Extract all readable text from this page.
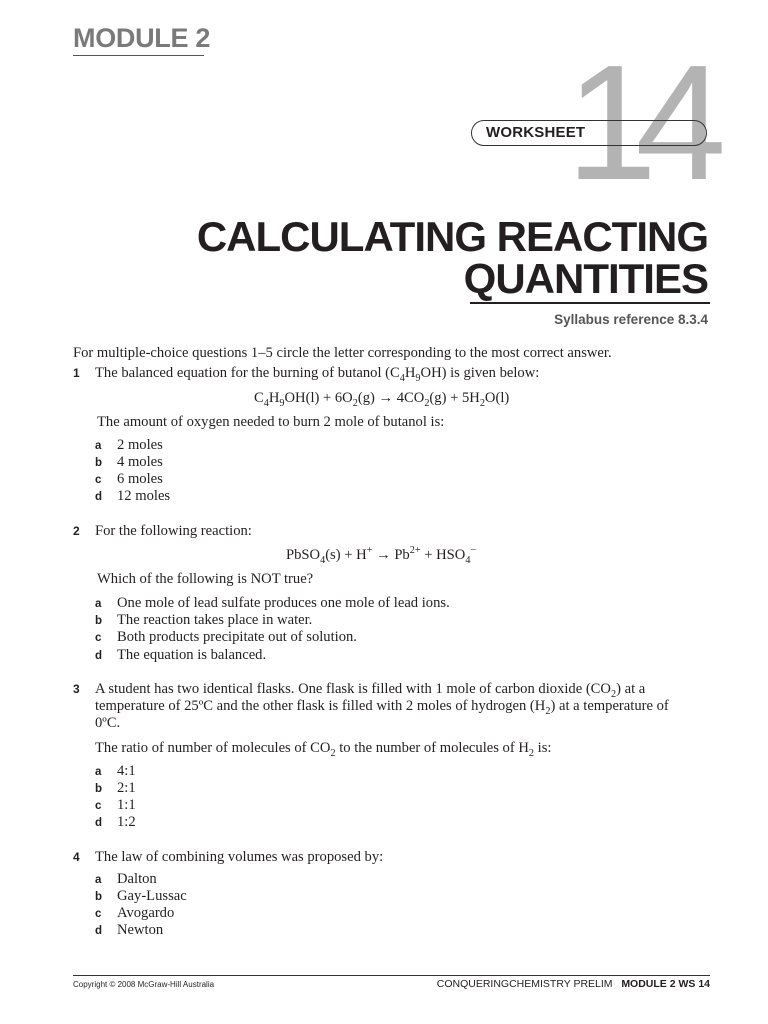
MODULE 2 14
WORKSHEET
CALCULATING REACTING
QUANTITIES
Syllabus reference 8.3.4
For multiple-choice questions 1–5 circle the letter corresponding to the most correct answer.
1 The balanced equation for the burning of butanol $(C_4H_9OH)$ is given below:
$C_4H_9OH(l) + 6O_2(g) \to 4CO_2(g) + 5H_2O(l)$
The amount of oxygen needed to burn 2 mole of butanol is:
a 2 moles
b 4 moles
c 6 moles
d 12 moles
2 For the following reaction:
PbSO$_4$(s) + $H^+ \to Pb^{2+} + HSO_4^-$
Which of the following is NOT true?
a One mole of lead sulfate produces one mole of lead ions.
b The reaction takes place in water.
c Both products precipitate out of solution.
d The equation is balanced.
3 A student has two identical flasks. One flask is filled with 1 mole of carbon dioxide $(CO_2)$ at a
temperature of 25ºC and the other flask is filled with 2 moles of hydrogen $(H_2)$ at a temperature of
0ºC.
The ratio of number of molecules of $CO_2$ to the number of molecules of $H_2$ is:
a 4:1
b 2:1
c 1:1
d 1:2
4 The law of combining volumes was proposed by:
a Dalton
b Gay-Lussac
c Avogardo
d Newton
Copyright © 2008 McGraw-Hill Australia	CONQUERINGCHEMISTRY PRELIM MODULE 2 WS 14
